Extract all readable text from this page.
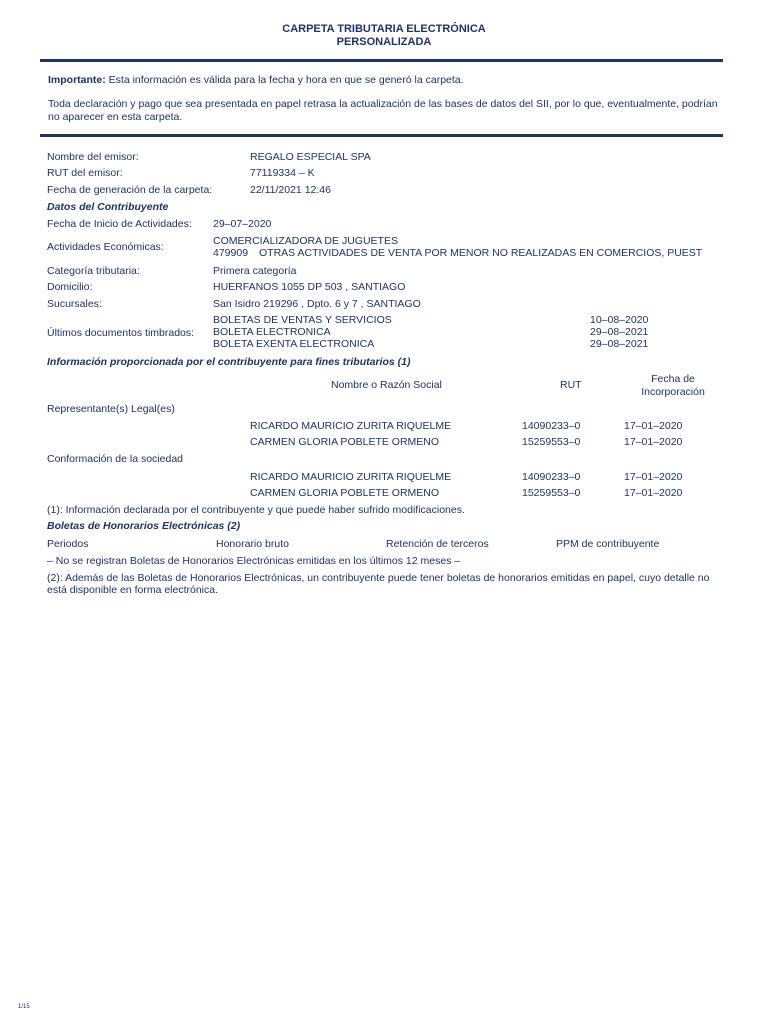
CARPETA TRIBUTARIA ELECTRÓNICA
PERSONALIZADA
Importante: Esta información es válida para la fecha y hora en que se generó la carpeta.
Toda declaración y pago que sea presentada en papel retrasa la actualización de las bases de datos del SII, por lo que, eventualmente, podrían no aparecer en esta carpeta.
Nombre del emisor:	REGALO ESPECIAL SPA
RUT del emisor:	77119334 – K
Fecha de generación de la carpeta:	22/11/2021 12:46
Datos del Contribuyente
Fecha de Inicio de Actividades: 29–07–2020
Actividades Económicas:	COMERCIALIZADORA DE JUGUETES
479909 OTRAS ACTIVIDADES DE VENTA POR MENOR NO REALIZADAS EN COMERCIOS, PUEST
Categoría tributaria:	Primera categoría
Domicilio:	HUERFANOS 1055 DP 503 , SANTIAGO
Sucursales:	San Isidro 219296 , Dpto. 6 y 7 , SANTIAGO
Últimos documentos timbrados:
BOLETAS DE VENTAS Y SERVICIOS	10–08–2020
BOLETA ELECTRONICA	29–08–2021
BOLETA EXENTA ELECTRONICA	29–08–2021
Información proporcionada por el contribuyente para fines tributarios (1)
Nombre o Razón Social	RUT	Fecha de
Incorporación
Representante(s) Legal(es)
RICARDO MAURICIO ZURITA RIQUELME	14090233–0	17–01–2020
CARMEN GLORIA POBLETE ORMENO	15259553–0	17–01–2020
Conformación de la sociedad
RICARDO MAURICIO ZURITA RIQUELME	14090233–0	17–01–2020
CARMEN GLORIA POBLETE ORMENO	15259553–0	17–01–2020
(1): Información declarada por el contribuyente y que puede haber sufrido modificaciones.
Boletas de Honorarios Electrónicas (2)
Periodos	Honorario bruto	Retención de terceros	PPM de contribuyente
– No se registran Boletas de Honorarios Electrónicas emitidas en los últimos 12 meses –
(2): Además de las Boletas de Honorarios Electrónicas, un contribuyente puede tener boletas de honorarios emitidas en papel, cuyo detalle no está disponible en forma electrónica.
1/15
